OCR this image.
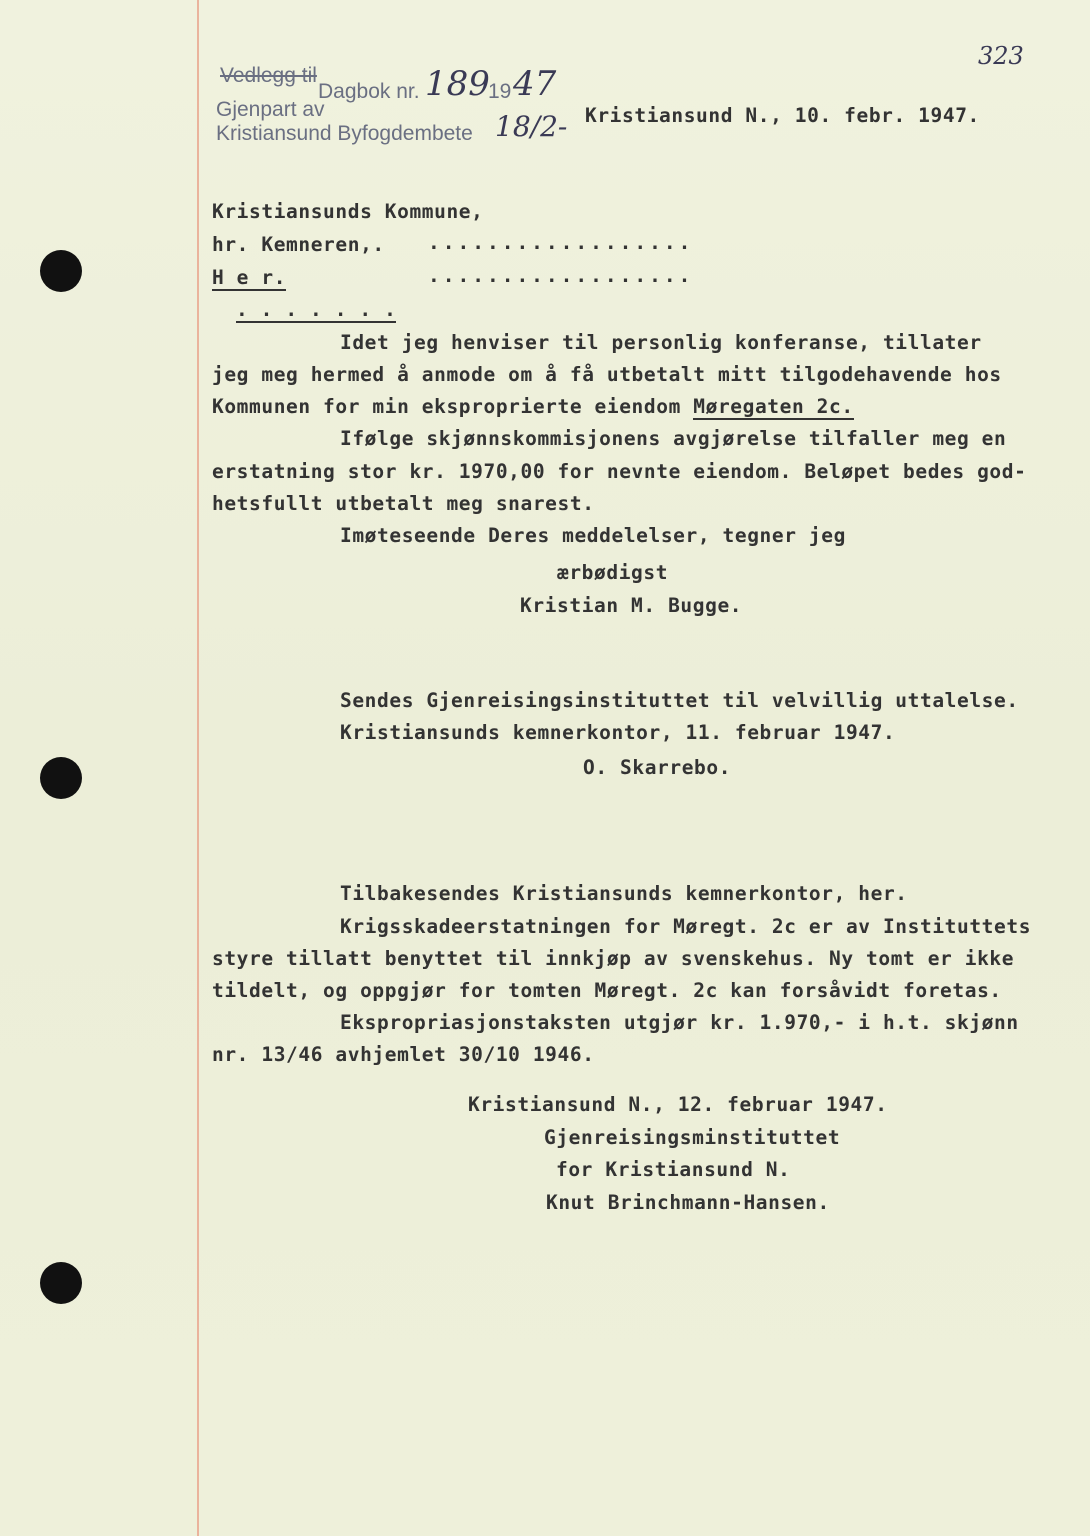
323
Vedlegg til
Dagbok nr. 189
19 47
Gjenpart av
Kristiansund Byfogdembete 18/2- Kristiansund N., 10. febr. 1947.
Kristiansunds Kommune,
hr. Kemneren,. ..................
H e r.	..................
. . . . . . .
Idet jeg henviser til personlig konferanse, tillater
jeg meg hermed å anmode om å få utbetalt mitt tilgodehavende hos
Kommunen for min eksproprierte eiendom Møregaten 2c.
Ifølge skjønnskommisjonens avgjørelse tilfaller meg en
erstatning stor kr. 1970,00 for nevnte eiendom. Beløpet bedes god-
hetsfullt utbetalt meg snarest.
Imøteseende Deres meddelelser, tegner jeg
ærbødigst
Kristian M. Bugge.
Sendes Gjenreisingsinstituttet til velvillig uttalelse.
Kristiansunds kemnerkontor, 11. februar 1947.
O. Skarrebo.
Tilbakesendes Kristiansunds kemnerkontor, her.
Krigsskadeerstatningen for Møregt. 2c er av Instituttets
styre tillatt benyttet til innkjøp av svenskehus. Ny tomt er ikke
tildelt, og oppgjør for tomten Møregt. 2c kan forsåvidt foretas.
Ekspropriasjonstaksten utgjør kr. 1.970,- i h.t. skjønn
nr. 13/46 avhjemlet 30/10 1946.
Kristiansund N., 12. februar 1947.
Gjenreisingsminstituttet
for Kristiansund N.
Knut Brinchmann-Hansen.
